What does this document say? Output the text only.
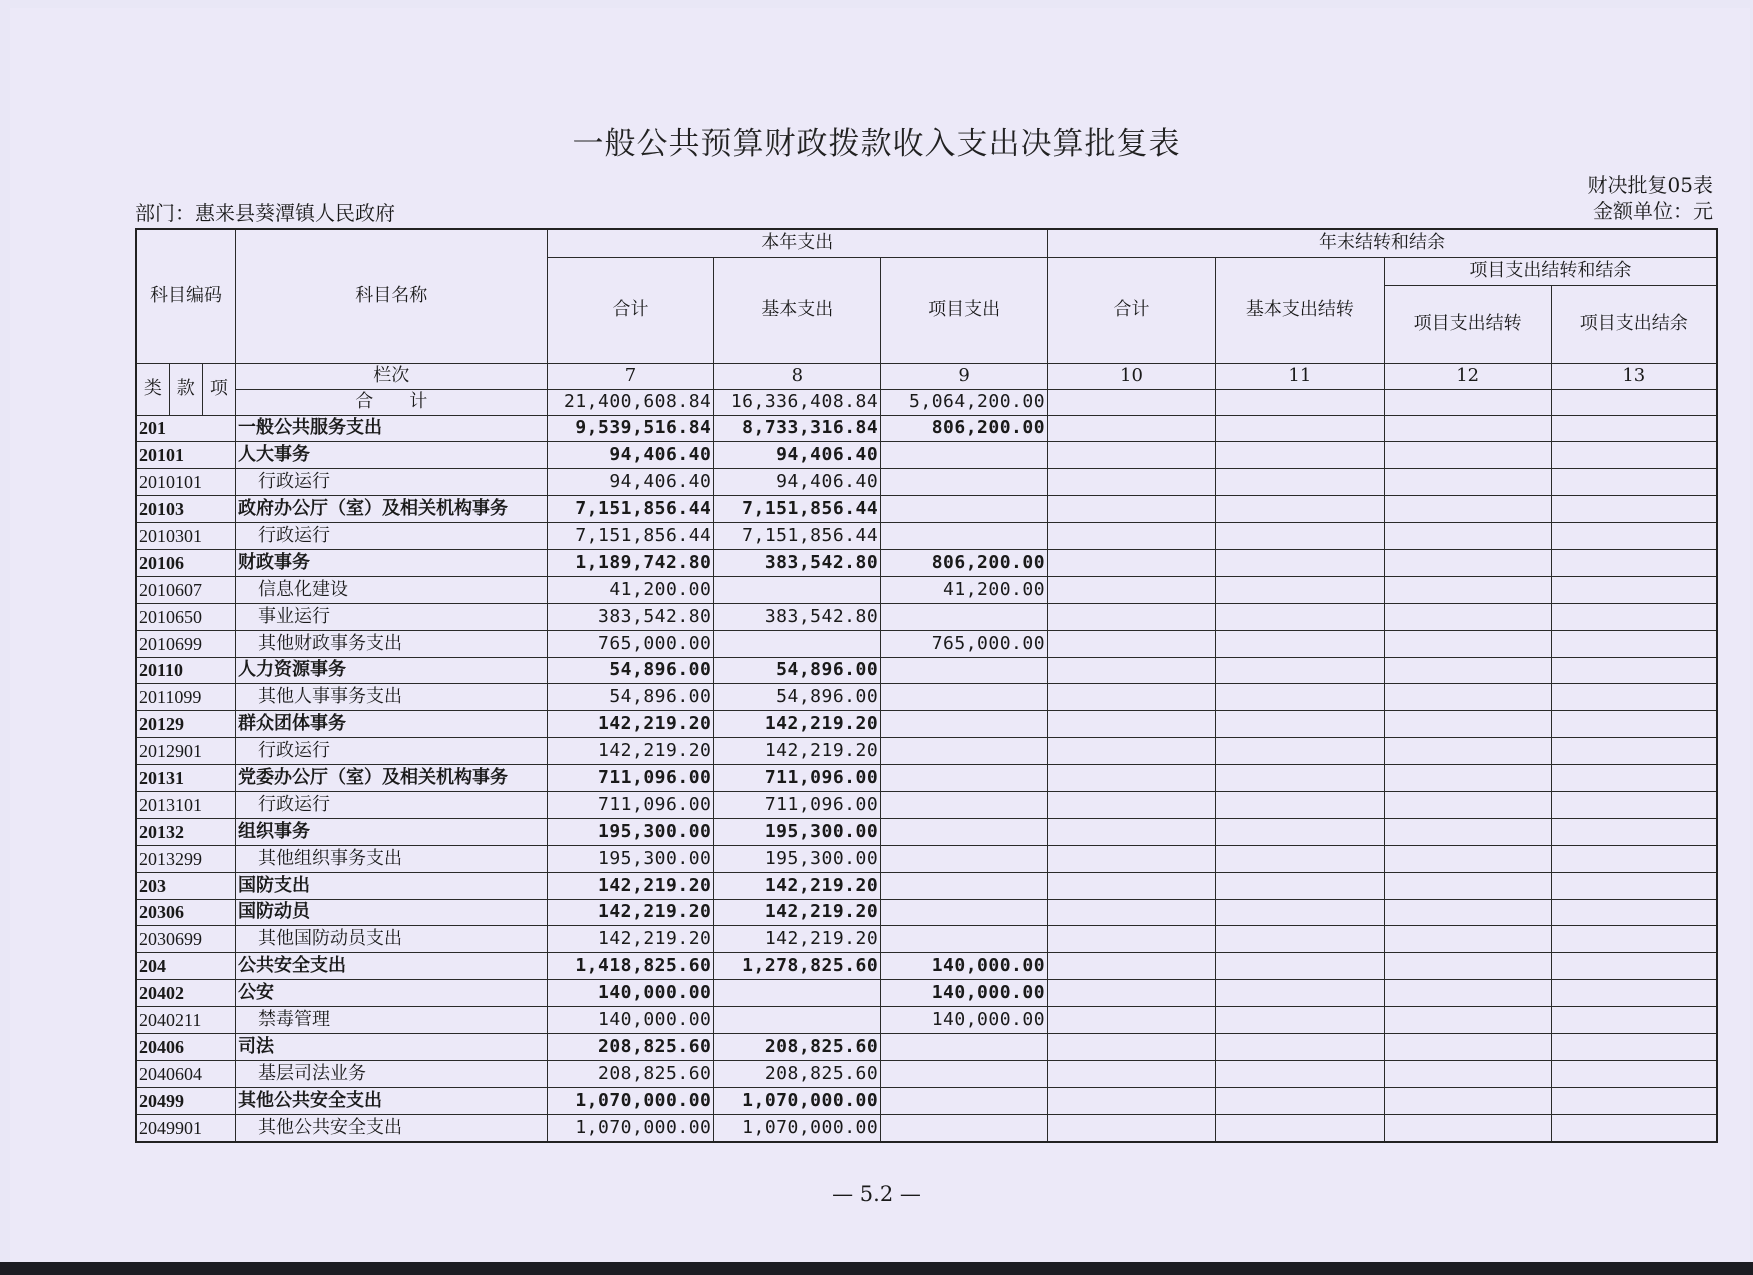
一般公共预算财政拨款收入支出决算批复表
财决批复05表
金额单位：元
部门：惠来县葵潭镇人民政府
科目编码			科目名称	本年支出			年末结转和结余			
				合计	基本支出	项目支出	合计	基本支出结转	项目支出结转和结余	
									项目支出结转	项目支出结余
类	款	项	栏次	7	8	9	10	11	12	13
			合　　计	21,400,608.84	16,336,408.84	5,064,200.00				
201			一般公共服务支出	9,539,516.84	8,733,316.84	806,200.00				
20101			人大事务	94,406.40	94,406.40					
2010101			行政运行	94,406.40	94,406.40					
20103			政府办公厅（室）及相关机构事务	7,151,856.44	7,151,856.44					
2010301			行政运行	7,151,856.44	7,151,856.44					
20106			财政事务	1,189,742.80	383,542.80	806,200.00				
2010607			信息化建设	41,200.00		41,200.00				
2010650			事业运行	383,542.80	383,542.80					
2010699			其他财政事务支出	765,000.00		765,000.00				
20110			人力资源事务	54,896.00	54,896.00					
2011099			其他人事事务支出	54,896.00	54,896.00					
20129			群众团体事务	142,219.20	142,219.20					
2012901			行政运行	142,219.20	142,219.20					
20131			党委办公厅（室）及相关机构事务	711,096.00	711,096.00					
2013101			行政运行	711,096.00	711,096.00					
20132			组织事务	195,300.00	195,300.00					
2013299			其他组织事务支出	195,300.00	195,300.00					
203			国防支出	142,219.20	142,219.20					
20306			国防动员	142,219.20	142,219.20					
2030699			其他国防动员支出	142,219.20	142,219.20					
204			公共安全支出	1,418,825.60	1,278,825.60	140,000.00				
20402			公安	140,000.00		140,000.00				
2040211			禁毒管理	140,000.00		140,000.00				
20406			司法	208,825.60	208,825.60					
2040604			基层司法业务	208,825.60	208,825.60					
20499			其他公共安全支出	1,070,000.00	1,070,000.00					
2049901			其他公共安全支出	1,070,000.00	1,070,000.00					
— 5.2 —
